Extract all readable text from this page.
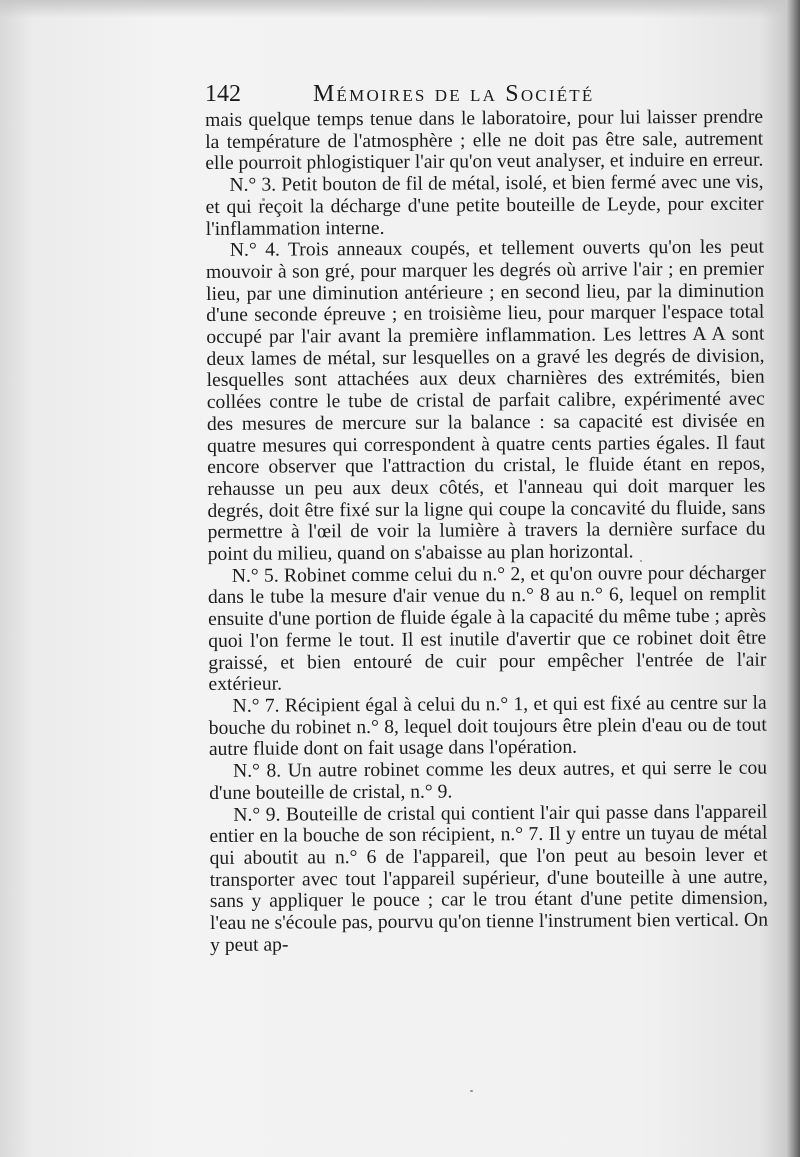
142	Mémoires de la Société

mais quelque temps tenue dans le laboratoire, pour lui laisser prendre la température de l'atmosphère ; elle ne doit pas être sale, autrement elle pourroit phlogistiquer l'air qu'on veut analyser, et induire en erreur.

N.° 3. Petit bouton de fil de métal, isolé, et bien fermé avec une vis, et qui reçoit la décharge d'une petite bouteille de Leyde, pour exciter l'inflammation interne.

N.° 4. Trois anneaux coupés, et tellement ouverts qu'on les peut mouvoir à son gré, pour marquer les degrés où arrive l'air ; en premier lieu, par une diminution antérieure ; en second lieu, par la diminution d'une seconde épreuve ; en troisième lieu, pour marquer l'espace total occupé par l'air avant la première inflammation. Les lettres A A sont deux lames de métal, sur lesquelles on a gravé les degrés de division, lesquelles sont attachées aux deux charnières des extrémités, bien collées contre le tube de cristal de parfait calibre, expérimenté avec des mesures de mercure sur la balance : sa capacité est divisée en quatre mesures qui correspondent à quatre cents parties égales. Il faut encore observer que l'attraction du cristal, le fluide étant en repos, rehausse un peu aux deux côtés, et l'anneau qui doit marquer les degrés, doit être fixé sur la ligne qui coupe la concavité du fluide, sans permettre à l'œil de voir la lumière à travers la dernière surface du point du milieu, quand on s'abaisse au plan horizontal.

N.° 5. Robinet comme celui du n.° 2, et qu'on ouvre pour décharger dans le tube la mesure d'air venue du n.° 8 au n.° 6, lequel on remplit ensuite d'une portion de fluide égale à la capacité du même tube ; après quoi l'on ferme le tout. Il est inutile d'avertir que ce robinet doit être graissé, et bien entouré de cuir pour empêcher l'entrée de l'air extérieur.

N.° 7. Récipient égal à celui du n.° 1, et qui est fixé au centre sur la bouche du robinet n.° 8, lequel doit toujours être plein d'eau ou de tout autre fluide dont on fait usage dans l'opération.

N.° 8. Un autre robinet comme les deux autres, et qui serre le cou d'une bouteille de cristal, n.° 9.

N.° 9. Bouteille de cristal qui contient l'air qui passe dans l'appareil entier en la bouche de son récipient, n.° 7. Il y entre un tuyau de métal qui aboutit au n.° 6 de l'appareil, que l'on peut au besoin lever et transporter avec tout l'appareil supérieur, d'une bouteille à une autre, sans y appliquer le pouce ; car le trou étant d'une petite dimension, l'eau ne s'écoule pas, pourvu qu'on tienne l'instrument bien vertical. On y peut ap-
